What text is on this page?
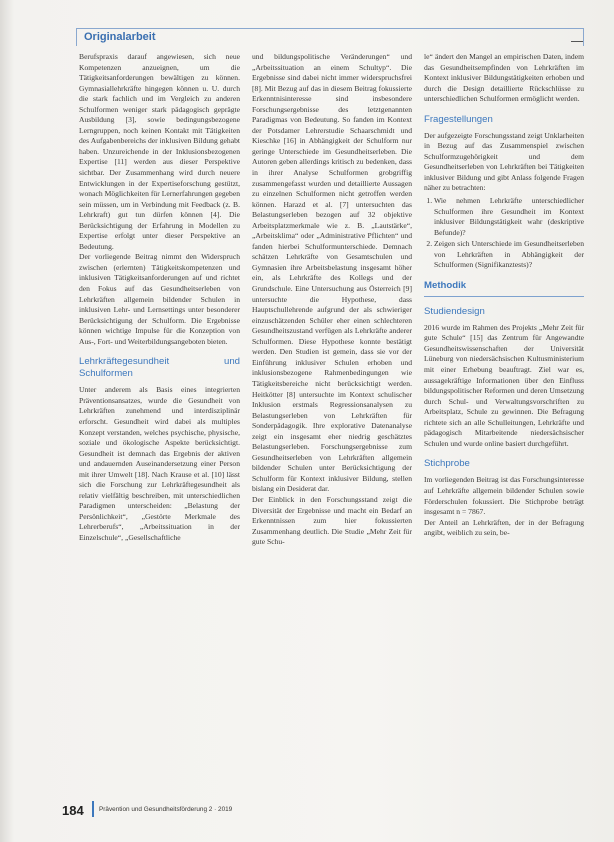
Originalarbeit

Berufspraxis darauf angewiesen, sich neue Kompetenzen anzueignen, um die Tätigkeitsanforderungen bewältigen zu können. Gymnasiallehrkräfte hingegen können u. U. durch die stark fachlich und im Vergleich zu anderen Schulformen weniger stark pädagogisch geprägte Ausbildung [3], sowie bedingungsbezogene Lerngruppen, noch keinen Kontakt mit Tätigkeiten des Aufgabenbereichs der inklusiven Bildung gehabt haben. Unzureichende in der Inklusionsbezogenen Expertise [11] werden aus dieser Perspektive sichtbar. Der Zusammenhang wird durch neuere Entwicklungen in der Expertiseforschung gestützt, wonach Möglichkeiten für Lernerfahrungen gegeben sein müssen, um in Verbindung mit Feedback (z. B. Lehrkraft) gut tun dürfen können [4]. Die Berücksichtigung der Erfahrung in Modellen zu Expertise erfolgt unter dieser Perspektive an Bedeutung.

Der vorliegende Beitrag nimmt den Widerspruch zwischen (erlernten) Tätigkeitskompetenzen und inklusiven Tätigkeitsanforderungen auf und richtet den Fokus auf das Gesundheitserleben von Lehrkräften allgemein bildender Schulen in inklusiven Lehr- und Lernsettings unter besonderer Berücksichtigung der Schulform. Die Ergebnisse können wichtige Impulse für die Konzeption von Aus-, Fort- und Weiterbildungsangeboten bieten.

Lehrkräftegesundheit und Schulformen

Unter anderem als Basis eines integrierten Präventionsansatzes, wurde die Gesundheit von Lehrkräften zunehmend und interdisziplinär erforscht. Gesundheit wird dabei als multiples Konzept verstanden, welches psychische, physische, soziale und ökologische Aspekte berücksichtigt. Gesundheit ist demnach das Ergebnis der aktiven und andauernden Auseinandersetzung einer Person mit ihrer Umwelt [18]. Nach Krause et al. [10] lässt sich die Forschung zur Lehrkräftegesundheit als relativ vielfältig beschreiben, mit unterschiedlichen Paradigmen unterscheiden: „Belastung der Persönlichkeit“, „Gestörte Merkmale des Lehrerberufs“, „Arbeitssituation in der Einzelschule“, „Gesellschaftliche

und bildungspolitische Veränderungen“ und „Arbeitssituation an einem Schultyp“. Die Ergebnisse sind dabei nicht immer widerspruchsfrei [8]. Mit Bezug auf das in diesem Beitrag fokussierte Erkenntnisinteresse sind insbesondere Forschungsergebnisse des letztgenannten Paradigmas von Bedeutung. So fanden im Kontext der Potsdamer Lehrerstudie Schaarschmidt und Kieschke [16] in Abhängigkeit der Schulform nur geringe Unterschiede im Gesundheitserleben. Die Autoren geben allerdings kritisch zu bedenken, dass in ihrer Analyse Schulformen grobgriffig zusammengefasst wurden und detaillierte Aussagen zu einzelnen Schulformen nicht getroffen werden können. Harazd et al. [7] untersuchten das Belastungserleben bezogen auf 32 objektive Arbeitsplatzmerkmale wie z. B. „Lautstärke“, „Arbeitsklima“ oder „Administrative Pflichten“ und fanden hierbei Schulformunterschiede. Demnach schätzen Lehrkräfte von Gesamtschulen und Gymnasien ihre Arbeitsbelastung insgesamt höher ein, als Lehrkräfte des Kollegs und der Grundschule. Eine Untersuchung aus Österreich [9] untersuchte die Hypothese, dass Hauptschullehrende aufgrund der als schwieriger einzuschätzenden Schüler eher einen schlechteren Gesundheitszustand verfügen als Lehrkräfte anderer Schulformen. Diese Hypothese konnte bestätigt werden. Den Studien ist gemein, dass sie vor der Einführung inklusiver Schulen erhoben und inklusionsbezogene Rahmenbedingungen wie Tätigkeitsbereiche nicht berücksichtigt werden. Heitkötter [8] untersuchte im Kontext schulischer Inklusion erstmals Regressionsanalysen zu Belastungserleben von Lehrkräften für Sonderpädagogik. Ihre explorative Datenanalyse zeigt ein insgesamt eher niedrig geschätztes Belastungserleben. Forschungsergebnisse zum Gesundheitserleben von Lehrkräften allgemein bildender Schulen unter Berücksichtigung der Schulform für Kontext inklusiver Bildung, stellen bislang ein Desiderat dar.

Der Einblick in den Forschungsstand zeigt die Diversität der Ergebnisse und macht ein Bedarf an Erkenntnissen zum hier fokussierten Zusammenhang deutlich. Die Studie „Mehr Zeit für gute Schu-

le“ ändert den Mangel an empirischen Daten, indem das Gesundheitsempfinden von Lehrkräften im Kontext inklusiver Bildungstätigkeiten erhoben und durch die Design detaillierte Rückschlüsse zu unterschiedlichen Schulformen ermöglicht werden.

Fragestellungen

Der aufgezeigte Forschungsstand zeigt Unklarheiten in Bezug auf das Zusammenspiel zwischen Schulformzugehörigkeit und dem Gesundheitserleben von Lehrkräften bei Tätigkeiten inklusiver Bildung und gibt Anlass folgende Fragen näher zu betrachten:

1. Wie nehmen Lehrkräfte unterschiedlicher Schulformen ihre Gesundheit im Kontext inklusiver Bildungstätigkeit wahr (deskriptive Befunde)?
2. Zeigen sich Unterschiede im Gesundheitserleben von Lehrkräften in Abhängigkeit der Schulformen (Signifikanztests)?
Methodik
Studiendesign

2016 wurde im Rahmen des Projekts „Mehr Zeit für gute Schule“ [15] das Zentrum für Angewandte Gesundheitswissenschaften der Universität Lüneburg von niedersächsischen Kultusministerium mit einer Erhebung beauftragt. Ziel war es, aussagekräftige Informationen über den Einfluss bildungspolitischer Reformen und deren Umsetzung durch Schul- und Verwaltungsvorschriften zu Arbeitsplatz, Schule zu gewinnen. Die Befragung richtete sich an alle Schulleitungen, Lehrkräfte und pädagogisch Mitarbeitende niedersächsischer Schulen und wurde online basiert durchgeführt.

Stichprobe

Im vorliegenden Beitrag ist das Forschungsinteresse auf Lehrkräfte allgemein bildender Schulen sowie Förderschulen fokussiert. Die Stichprobe beträgt insgesamt n = 7867.

Der Anteil an Lehrkräften, der in der Befragung angibt, weiblich zu sein, be-

184 Prävention und Gesundheitsförderung 2 · 2019
